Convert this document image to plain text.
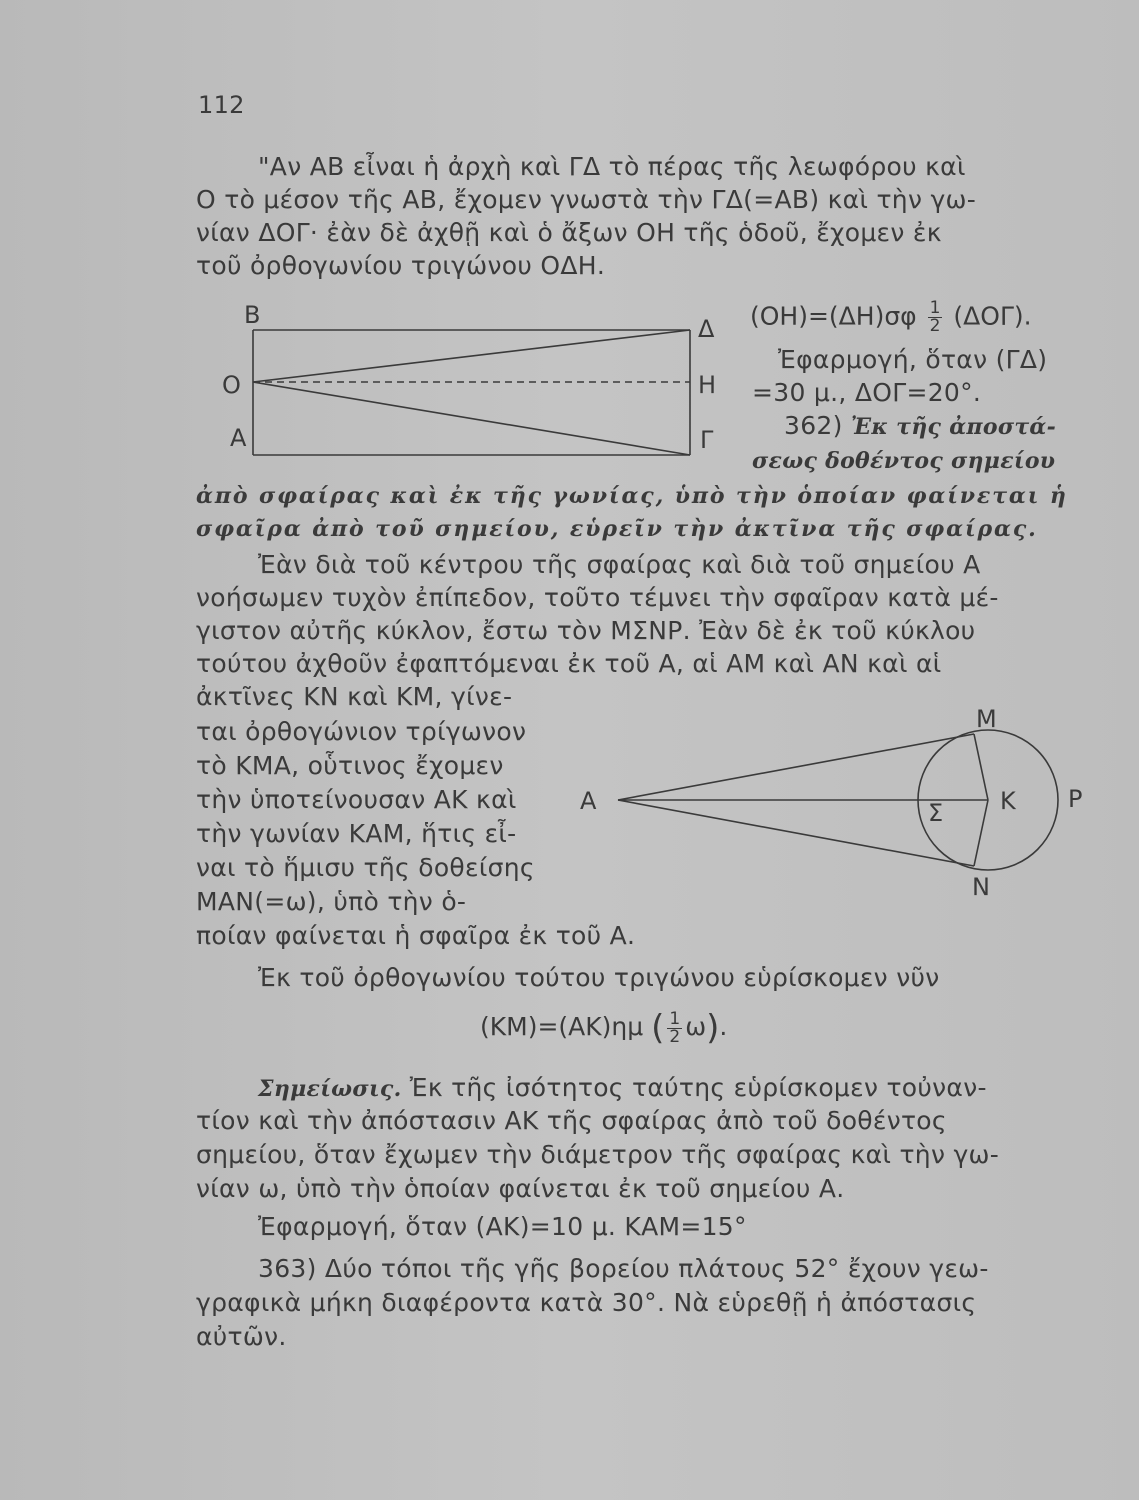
112
"Αν ΑΒ εἶναι ἡ ἀρχὴ καὶ ΓΔ τὸ πέρας τῆς λεωφόρου καὶ
Ο τὸ μέσον τῆς ΑΒ, ἔχομεν γνωστὰ τὴν ΓΔ(=ΑΒ) καὶ τὴν γω-
νίαν ΔΟΓ· ἐὰν δὲ ἀχθῇ καὶ ὁ ἄξων ΟΗ τῆς ὁδοῦ, ἔχομεν ἐκ
τοῦ ὀρθογωνίου τριγώνου ΟΔΗ.
Β	Δ
Ο	Η
Α	Γ
$(OH)=(\Delta H)\sigma\varphi \frac{1}{2} (\Delta O\Gamma)$.
Ἐφαρμογή, ὅταν (ΓΔ)
=30 μ., ΔΟΓ=20°.
362) Ἐκ τῆς ἀποστά-
σεως δοθέντος σημείου
ἀπὸ σφαίρας καὶ ἐκ τῆς γωνίας, ὑπὸ τὴν ὁποίαν φαίνεται ἡ
σφαῖρα ἀπὸ τοῦ σημείου, εὑρεῖν τὴν ἀκτῖνα τῆς σφαίρας.
Ἐὰν διὰ τοῦ κέντρου τῆς σφαίρας καὶ διὰ τοῦ σημείου Α
νοήσωμεν τυχὸν ἐπίπεδον, τοῦτο τέμνει τὴν σφαῖραν κατὰ μέ-
γιστον αὐτῆς κύκλον, ἔστω τὸν ΜΣΝΡ. Ἐὰν δὲ ἐκ τοῦ κύκλου
τούτου ἀχθοῦν ἐφαπτόμεναι ἐκ τοῦ Α, αἱ ΑΜ καὶ ΑΝ καὶ αἱ
ἀκτῖνες ΚΝ καὶ ΚΜ, γίνε-
ται ὀρθογώνιον τρίγωνον
τὸ ΚΜΑ, οὗτινος ἔχομεν
τὴν ὑποτείνουσαν ΑΚ καὶ
τὴν γωνίαν ΚΑΜ, ἥτις εἶ-
ναι τὸ ἥμισυ τῆς δοθείσης
ΜΑΝ(=ω), ὑπὸ τὴν ὁ-
ποίαν φαίνεται ἡ σφαῖρα ἐκ τοῦ Α.
Μ
Α	Σ Κ Ρ
Ν
Ἐκ τοῦ ὀρθογωνίου τούτου τριγώνου εὑρίσκομεν νῦν
(ΚΜ)=(ΑΚ)ημ ( $\frac{1}{2} \omega$).
Σημείωσις. Ἐκ τῆς ἰσότητος ταύτης εὑρίσκομεν τοὐναν-
τίον καὶ τὴν ἀπόστασιν ΑΚ τῆς σφαίρας ἀπὸ τοῦ δοθέντος
σημείου, ὅταν ἔχωμεν τὴν διάμετρον τῆς σφαίρας καὶ τὴν γω-
νίαν ω, ὑπὸ τὴν ὁποίαν φαίνεται ἐκ τοῦ σημείου Α.
Ἐφαρμογή, ὅταν (ΑΚ)=10 μ. ΚΑΜ=15°
363) Δύο τόποι τῆς γῆς βορείου πλάτους 52° ἔχουν γεω-
γραφικὰ μήκη διαφέροντα κατὰ 30°. Νὰ εὑρεθῇ ἡ ἀπόστασις
αὐτῶν.
